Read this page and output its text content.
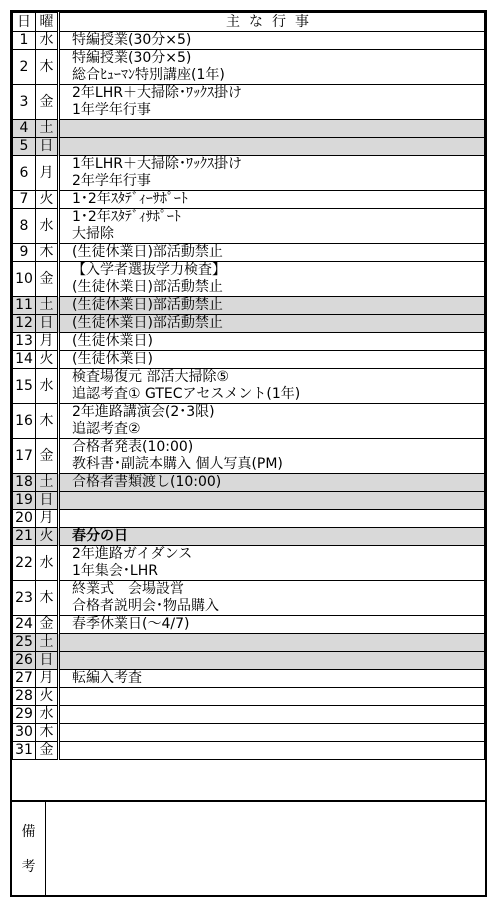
日	曜	主な行事
1	水	特編授業(30分×5)

2	木	特編授業(30分×5)
総合ﾋｭｰﾏﾝ特別講座(1年)

3	金	2年LHR＋大掃除･ﾜｯｸｽ掛け
1年学年行事

4	土	
5	日	
6	月	1年LHR＋大掃除･ﾜｯｸｽ掛け
2年学年行事

7	火	1･2年ｽﾀﾃﾞｨｰｻﾎﾟｰﾄ

8	水	1･2年ｽﾀﾃﾞｨｻﾎﾟｰﾄ
大掃除

9	木	(生徒休業日)部活動禁止

10	金	【入学者選抜学力検査】
(生徒休業日)部活動禁止

11	土	(生徒休業日)部活動禁止

12	日	(生徒休業日)部活動禁止

13	月	(生徒休業日)

14	火	(生徒休業日)

15	水	検査場復元 部活大掃除⑤
追認考査① GTECアセスメント(1年)

16	木	2年進路講演会(2･3限)
追認考査②

17	金	合格者発表(10:00)
教科書･副読本購入 個人写真(PM)

18	土	合格者書類渡し(10:00)

19	日	
20	月	
21	火	春分の日

22	水	2年進路ガイダンス
1年集会･LHR

23	木	終業式　会場設営
合格者説明会･物品購入

24	金	春季休業日(～4/7)

25	土	
26	日	
27	月	転編入考査

28	火	
29	水	
30	木	
31	金	
備
考
